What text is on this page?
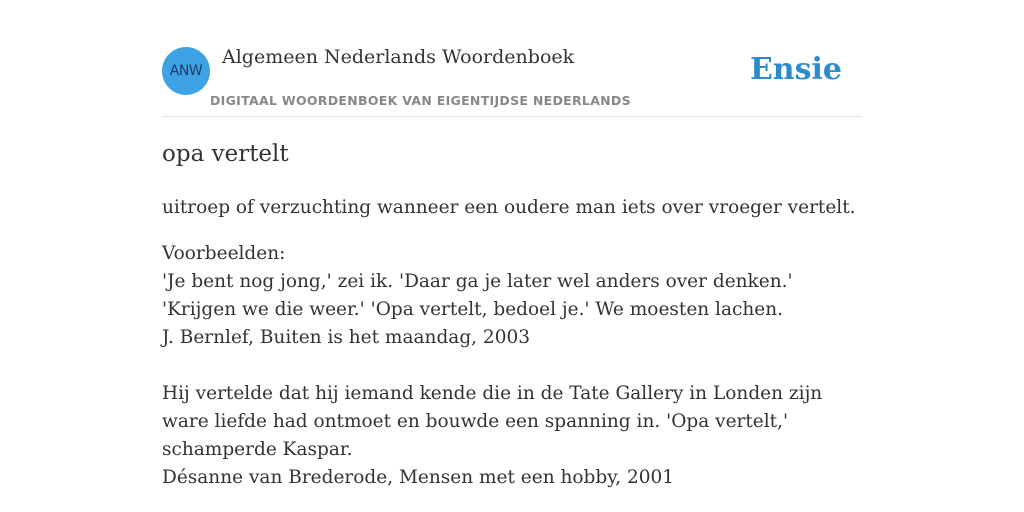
ANW
Algemeen Nederlands Woordenboek
DIGITAAL WOORDENBOEK VAN EIGENTIJDSE NEDERLANDS
Ensie
opa vertelt

uitroep of verzuchting wanneer een oudere man iets over vroeger vertelt.

Voorbeelden:

'Je bent nog jong,' zei ik. 'Daar ga je later wel anders over denken.' 'Krijgen we die weer.' 'Opa vertelt, bedoel je.' We moesten lachen.
J. Bernlef, Buiten is het maandag, 2003
Hij vertelde dat hij iemand kende die in de Tate Gallery in Londen zijn ware liefde had ontmoet en bouwde een spanning in. 'Opa vertelt,' schamperde Kaspar.
Désanne van Brederode, Mensen met een hobby, 2001
